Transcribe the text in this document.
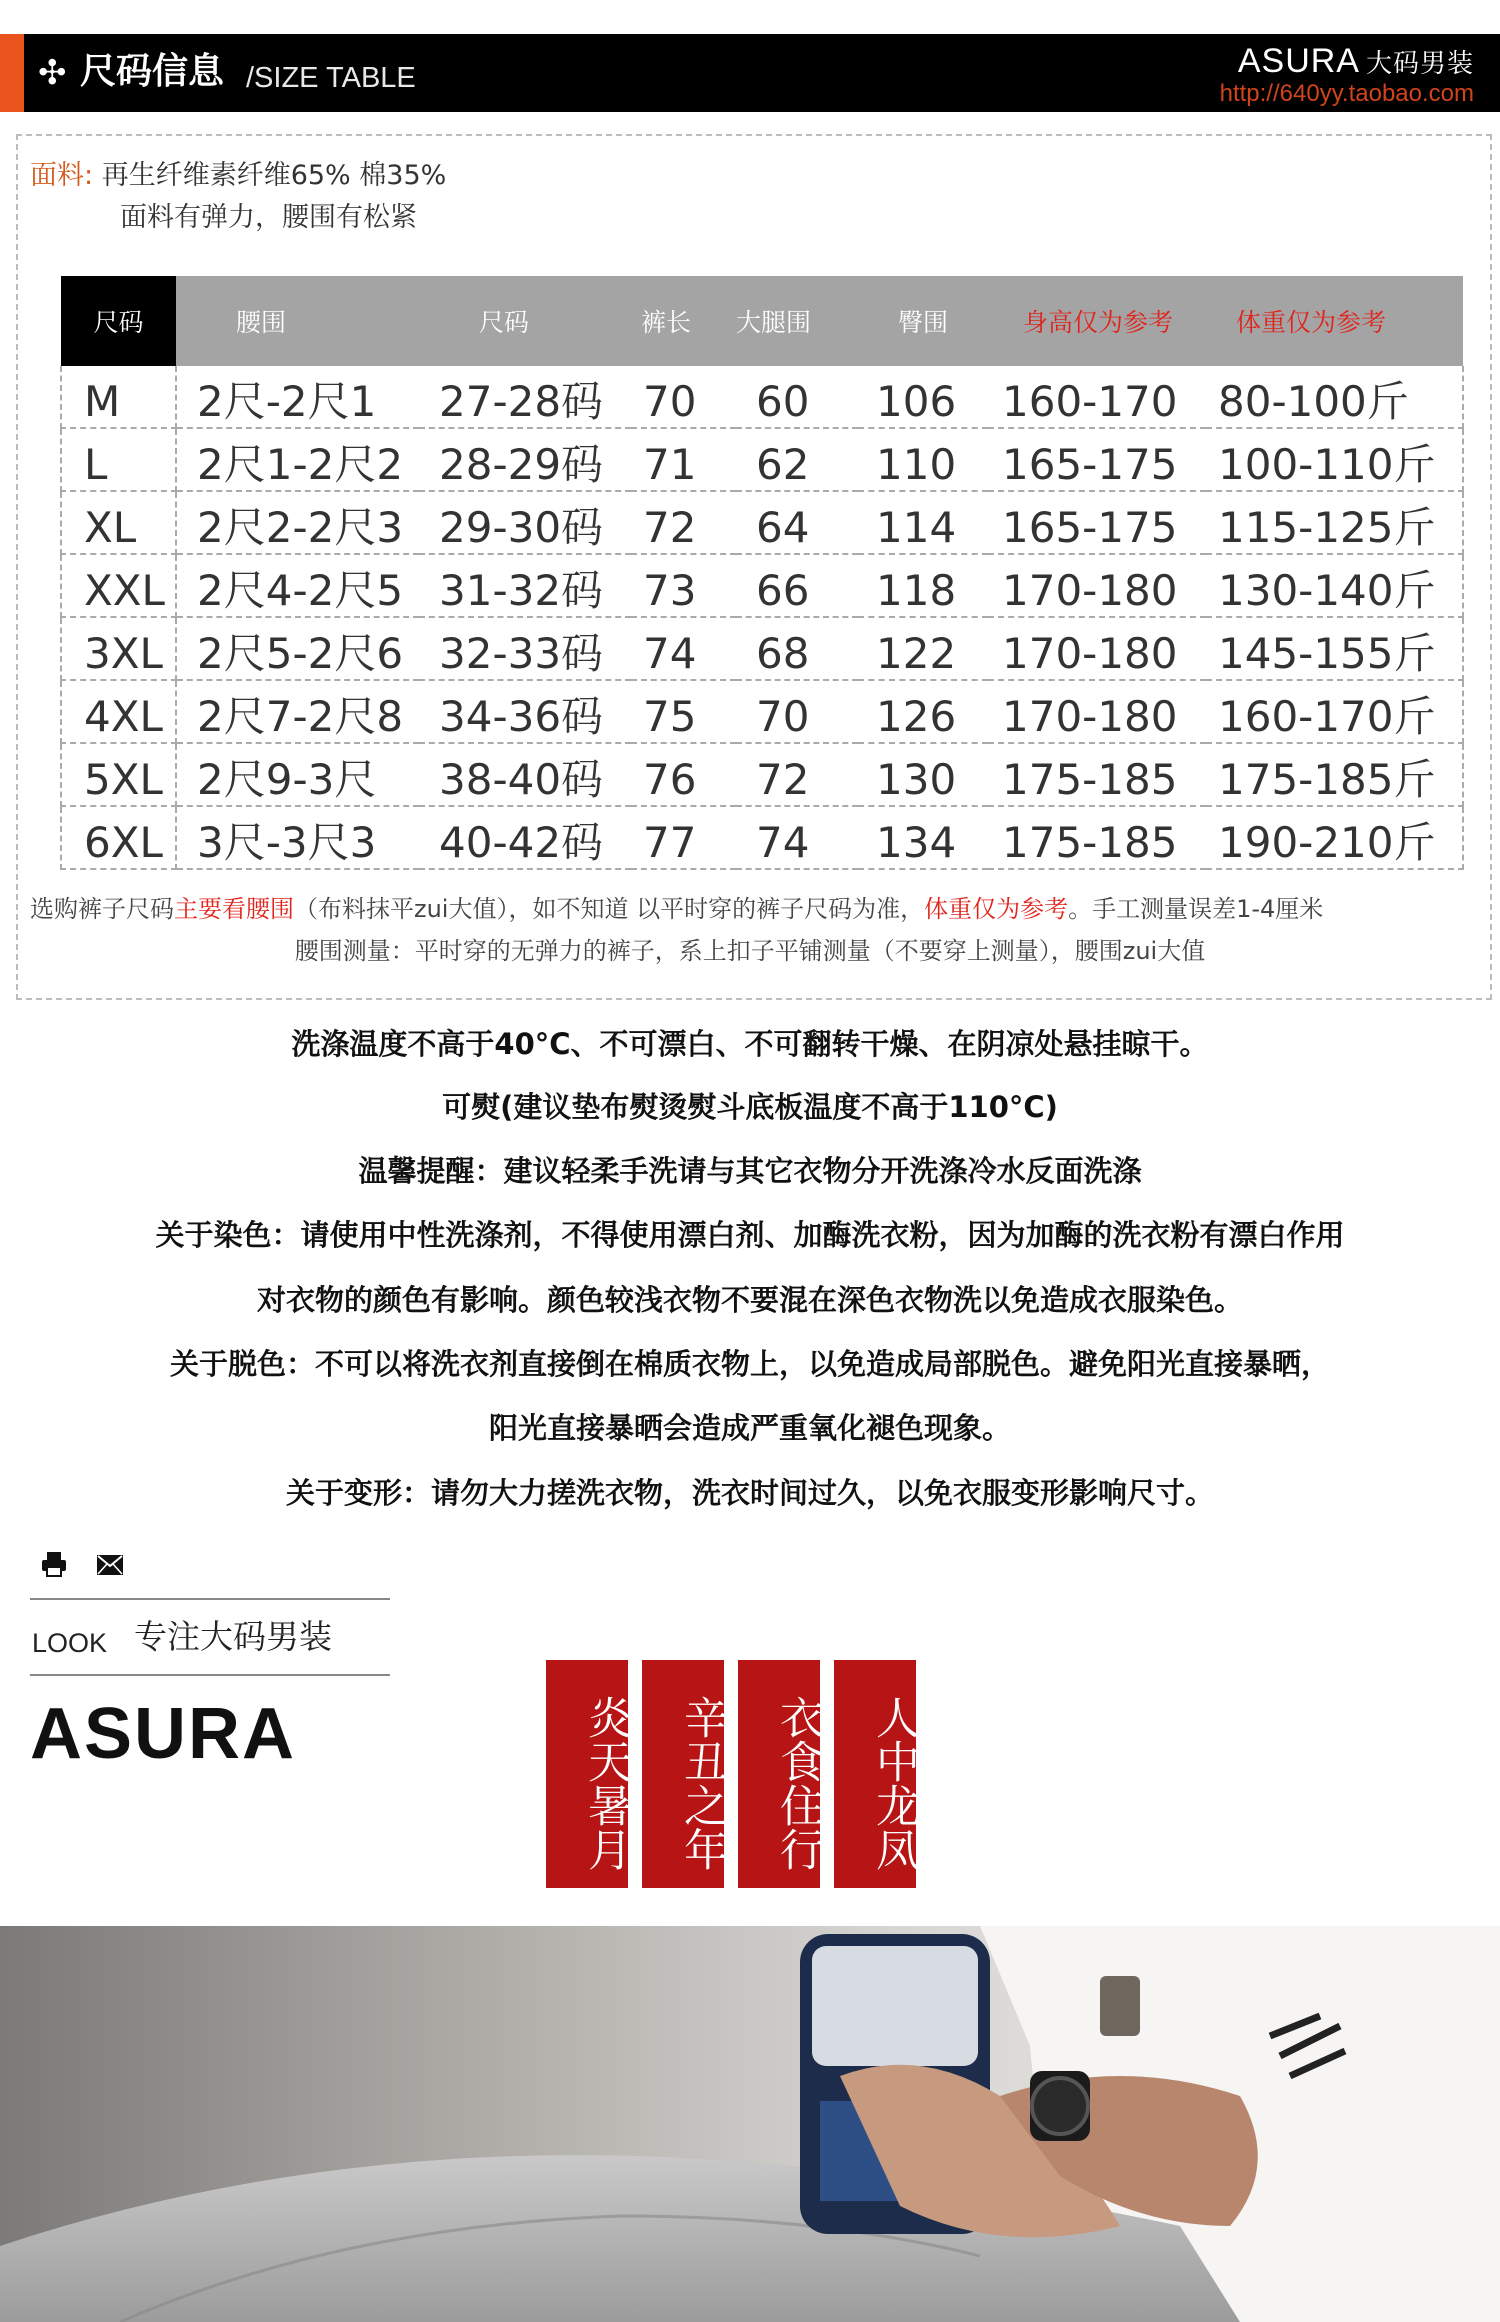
✣ 尺码信息 /SIZE TABLE	ASURA 大码男装
http://640yy.taobao.com
面料: 再生纤维素纤维65% 棉35%
面料有弹力，腰围有松紧
尺码	腰围	尺码	裤长	大腿围	臀围	身高仅为参考	体重仅为参考
M	2尺-2尺1	27-28码	70	60	106	160-170	80-100斤
L	2尺1-2尺2	28-29码	71	62	110	165-175	100-110斤
XL	2尺2-2尺3	29-30码	72	64	114	165-175	115-125斤
XXL	2尺4-2尺5	31-32码	73	66	118	170-180	130-140斤
3XL	2尺5-2尺6	32-33码	74	68	122	170-180	145-155斤
4XL	2尺7-2尺8	34-36码	75	70	126	170-180	160-170斤
5XL	2尺9-3尺	38-40码	76	72	130	175-185	175-185斤
6XL	3尺-3尺3	40-42码	77	74	134	175-185	190-210斤
选购裤子尺码主要看腰围（布料抹平zui大值），如不知道 以平时穿的裤子尺码为准，体重仅为参考。手工测量误差1-4厘米
腰围测量：平时穿的无弹力的裤子，系上扣子平铺测量（不要穿上测量），腰围zui大值
洗涤温度不高于40°C、不可漂白、不可翻转干燥、在阴凉处悬挂晾干。
可熨(建议垫布熨烫熨斗底板温度不高于110°C)
温馨提醒：建议轻柔手洗请与其它衣物分开洗涤冷水反面洗涤
关于染色：请使用中性洗涤剂，不得使用漂白剂、加酶洗衣粉，因为加酶的洗衣粉有漂白作用
对衣物的颜色有影响。颜色较浅衣物不要混在深色衣物洗以免造成衣服染色。
关于脱色：不可以将洗衣剂直接倒在棉质衣物上，以免造成局部脱色。避免阳光直接暴晒，
阳光直接暴晒会造成严重氧化褪色现象。
关于变形：请勿大力搓洗衣物，洗衣时间过久，以免衣服变形影响尺寸。
LOOK 专注大码男装
ASURA	炎天暑月	辛丑之年	衣食住行	人中龙凤
